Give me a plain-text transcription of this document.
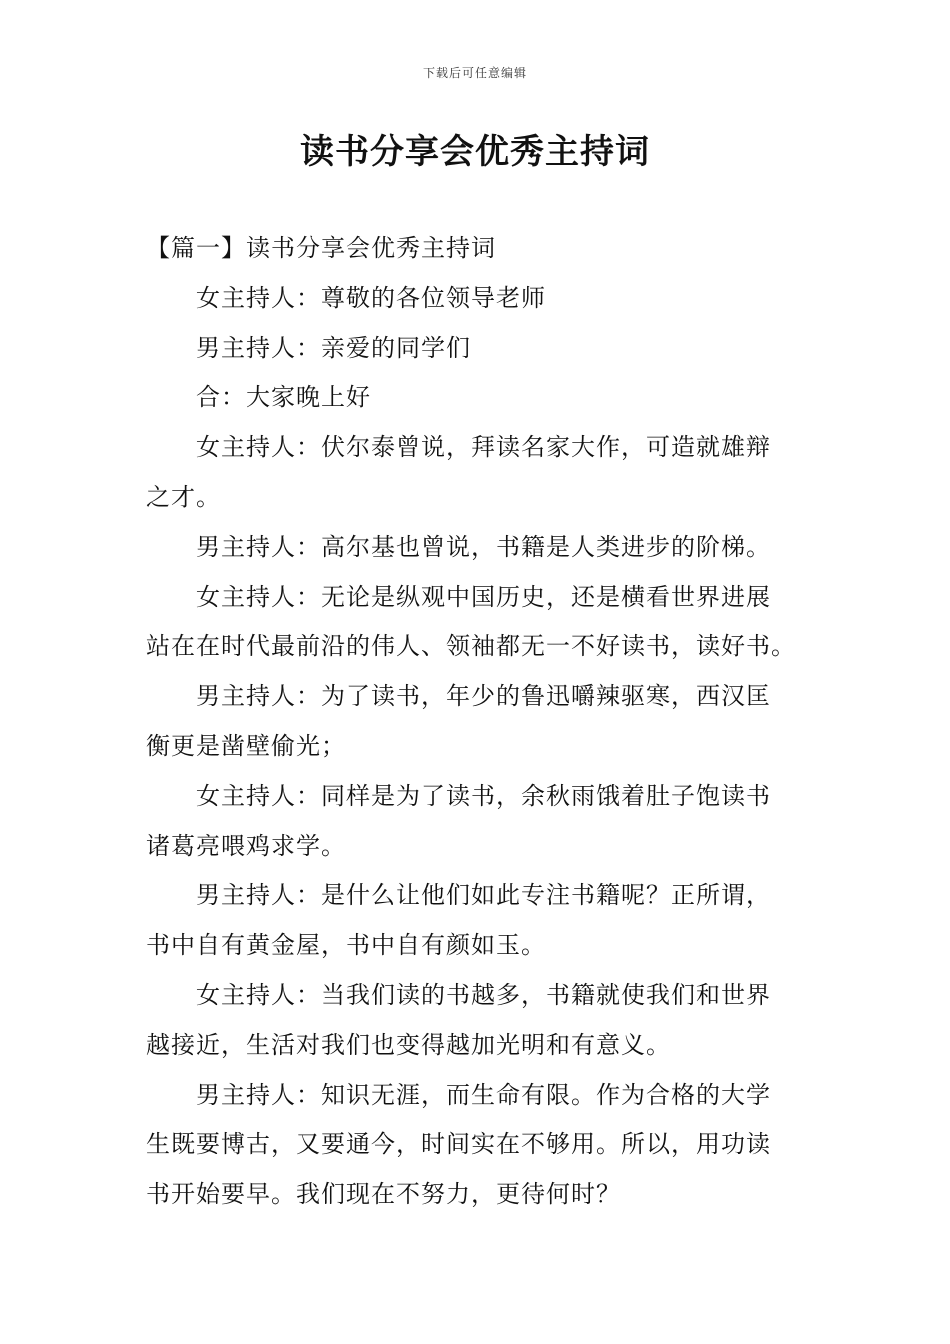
下载后可任意编辑
读书分享会优秀主持词
【篇一】读书分享会优秀主持词
女主持人：尊敬的各位领导老师
男主持人：亲爱的同学们
合：大家晚上好
女主持人：伏尔泰曾说，拜读名家大作，可造就雄辩
之才。
男主持人：高尔基也曾说，书籍是人类进步的阶梯。
女主持人：无论是纵观中国历史，还是横看世界进展
站在在时代最前沿的伟人、领袖都无一不好读书，读好书。
男主持人：为了读书，年少的鲁迅嚼辣驱寒，西汉匡
衡更是凿壁偷光；
女主持人：同样是为了读书，余秋雨饿着肚子饱读书
诸葛亮喂鸡求学。
男主持人：是什么让他们如此专注书籍呢？正所谓，
书中自有黄金屋，书中自有颜如玉。
女主持人：当我们读的书越多，书籍就使我们和世界
越接近，生活对我们也变得越加光明和有意义。
男主持人：知识无涯，而生命有限。作为合格的大学
生既要博古，又要通今，时间实在不够用。所以，用功读
书开始要早。我们现在不努力，更待何时？
